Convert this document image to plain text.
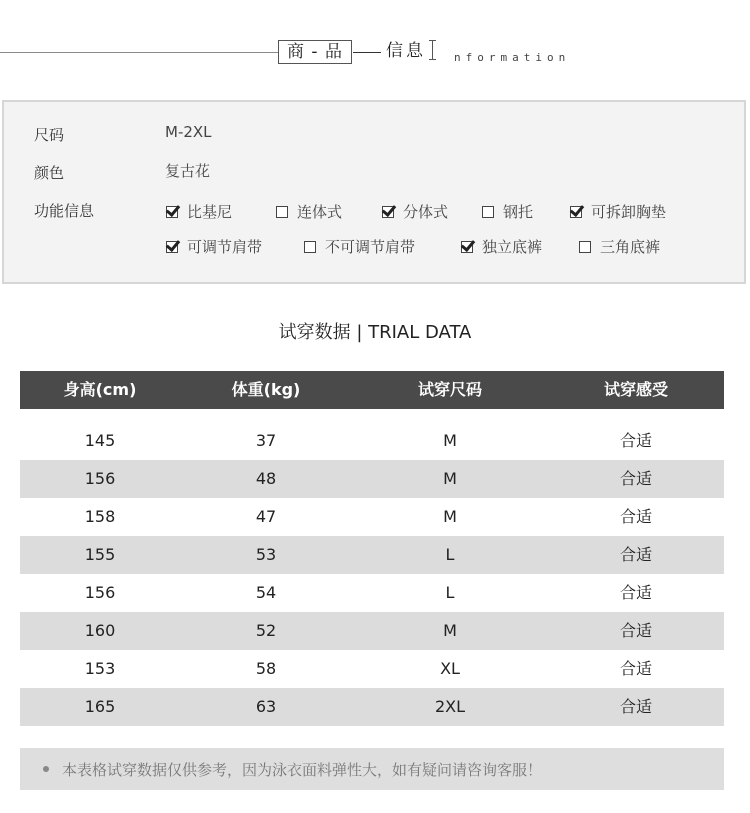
商 - 品	信息	nformation
尺码	M-2XL
颜色	复古花
功能信息	比基尼	连体式	分体式	钢托	可拆卸胸垫
可调节肩带	不可调节肩带	独立底裤	三角底裤
试穿数据 | TRIAL DATA
身高(cm)	体重(kg)	试穿尺码	试穿感受
145	37	M	合适
156	48	M	合适
158	47	M	合适
155	53	L	合适
156	54	L	合适
160	52	M	合适
153	58	XL	合适
165	63	2XL	合适
本表格试穿数据仅供参考，因为泳衣面料弹性大，如有疑问请咨询客服！
